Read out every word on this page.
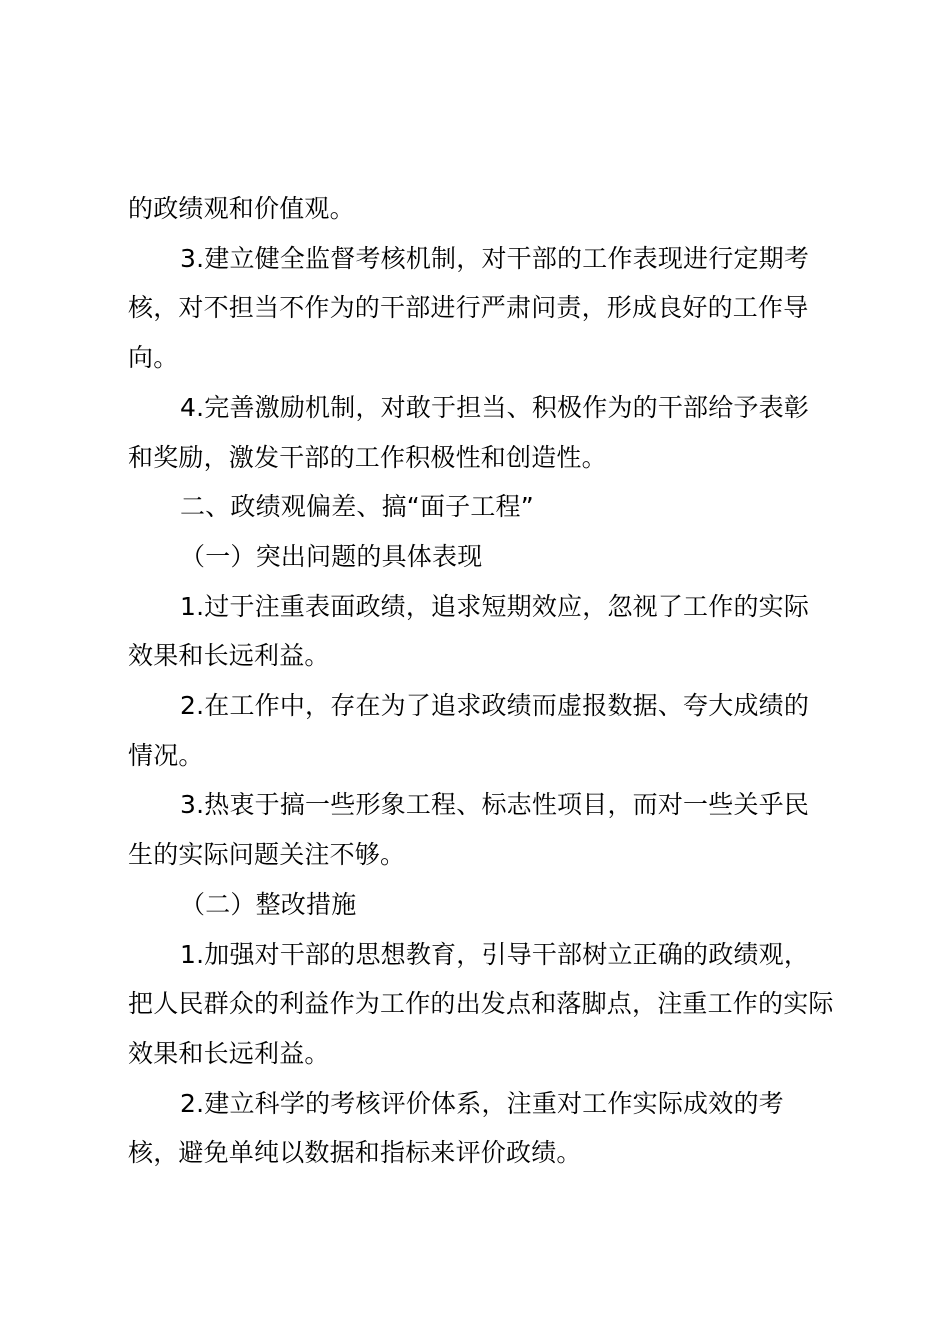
的政绩观和价值观。

3.建立健全监督考核机制，对干部的工作表现进行定期考核，对不担当不作为的干部进行严肃问责，形成良好的工作导向。

4.完善激励机制，对敢于担当、积极作为的干部给予表彰和奖励，激发干部的工作积极性和创造性。

二、政绩观偏差、搞“面子工程”

（一）突出问题的具体表现

1.过于注重表面政绩，追求短期效应，忽视了工作的实际效果和长远利益。

2.在工作中，存在为了追求政绩而虚报数据、夸大成绩的情况。

3.热衷于搞一些形象工程、标志性项目，而对一些关乎民生的实际问题关注不够。

（二）整改措施

1.加强对干部的思想教育，引导干部树立正确的政绩观，把人民群众的利益作为工作的出发点和落脚点，注重工作的实际效果和长远利益。

2.建立科学的考核评价体系，注重对工作实际成效的考核，避免单纯以数据和指标来评价政绩。
